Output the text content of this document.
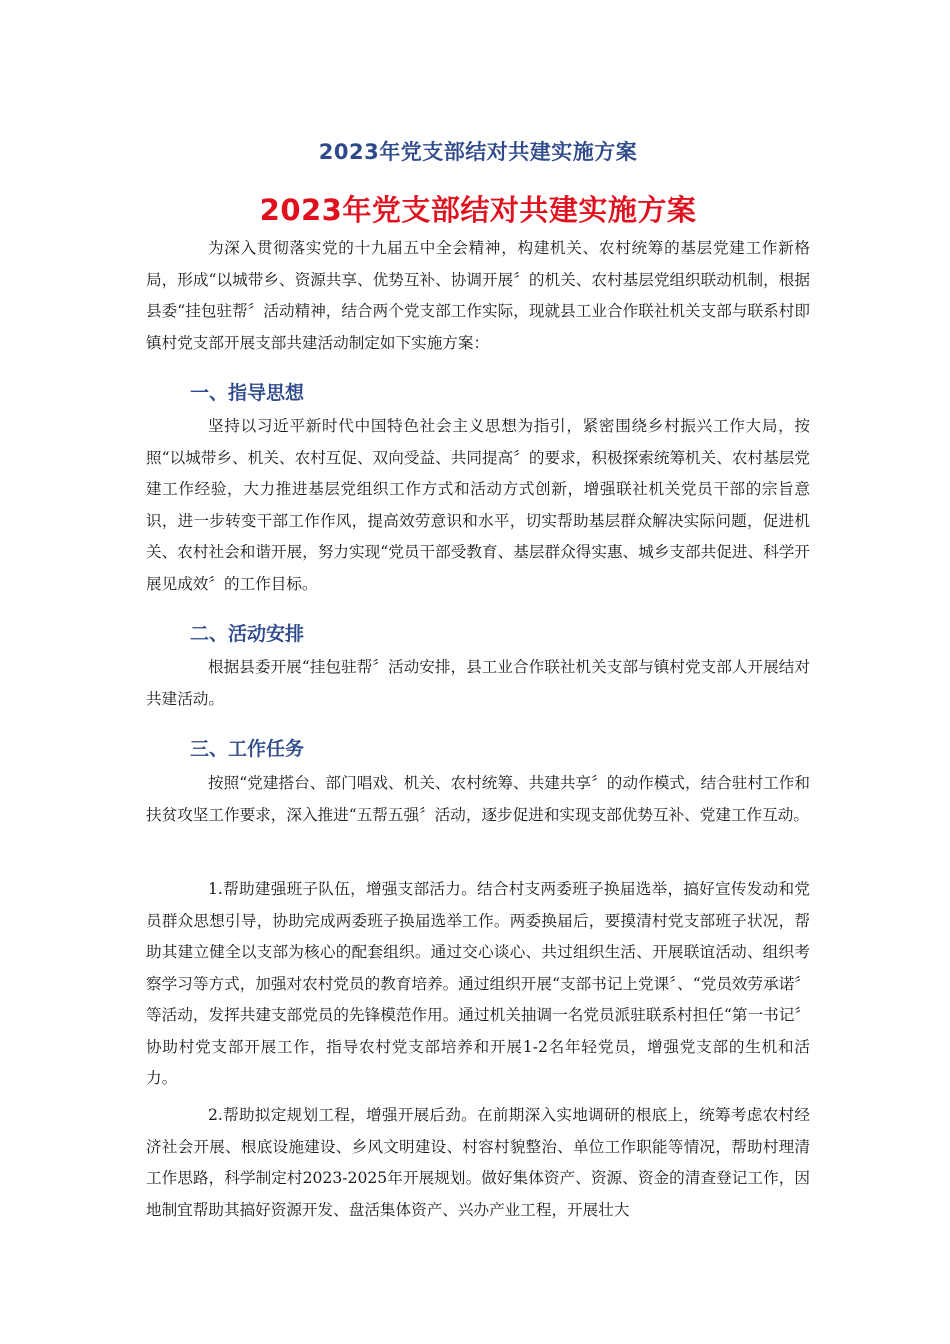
2023年党支部结对共建实施方案
2023年党支部结对共建实施方案

为深入贯彻落实党的十九届五中全会精神，构建机关、农村统筹的基层党建工作新格局，形成“以城带乡、资源共享、优势互补、协调开展〞的机关、农村基层党组织联动机制，根据县委“挂包驻帮〞活动精神，结合两个党支部工作实际，现就县工业合作联社机关支部与联系村即镇村党支部开展支部共建活动制定如下实施方案：

一、指导思想

坚持以习近平新时代中国特色社会主义思想为指引，紧密围绕乡村振兴工作大局，按照“以城带乡、机关、农村互促、双向受益、共同提高〞的要求，积极探索统筹机关、农村基层党建工作经验，大力推进基层党组织工作方式和活动方式创新，增强联社机关党员干部的宗旨意识，进一步转变干部工作作风，提高效劳意识和水平，切实帮助基层群众解决实际问题，促进机关、农村社会和谐开展，努力实现“党员干部受教育、基层群众得实惠、城乡支部共促进、科学开展见成效〞的工作目标。

二、活动安排

根据县委开展“挂包驻帮〞活动安排，县工业合作联社机关支部与镇村党支部人开展结对共建活动。

三、工作任务

按照“党建搭台、部门唱戏、机关、农村统筹、共建共享〞的动作模式，结合驻村工作和扶贫攻坚工作要求，深入推进“五帮五强〞活动，逐步促进和实现支部优势互补、党建工作互动。

1.帮助建强班子队伍，增强支部活力。结合村支两委班子换届选举，搞好宣传发动和党员群众思想引导，协助完成两委班子换届选举工作。两委换届后，要摸清村党支部班子状况，帮助其建立健全以支部为核心的配套组织。通过交心谈心、共过组织生活、开展联谊活动、组织考察学习等方式，加强对农村党员的教育培养。通过组织开展“支部书记上党课〞、“党员效劳承诺〞等活动，发挥共建支部党员的先锋模范作用。通过机关抽调一名党员派驻联系村担任“第一书记〞协助村党支部开展工作，指导农村党支部培养和开展1-2名年轻党员，增强党支部的生机和活力。

2.帮助拟定规划工程，增强开展后劲。在前期深入实地调研的根底上，统筹考虑农村经济社会开展、根底设施建设、乡风文明建设、村容村貌整治、单位工作职能等情况，帮助村理清工作思路，科学制定村2023-2025年开展规划。做好集体资产、资源、资金的清查登记工作，因地制宜帮助其搞好资源开发、盘活集体资产、兴办产业工程，开展壮大
